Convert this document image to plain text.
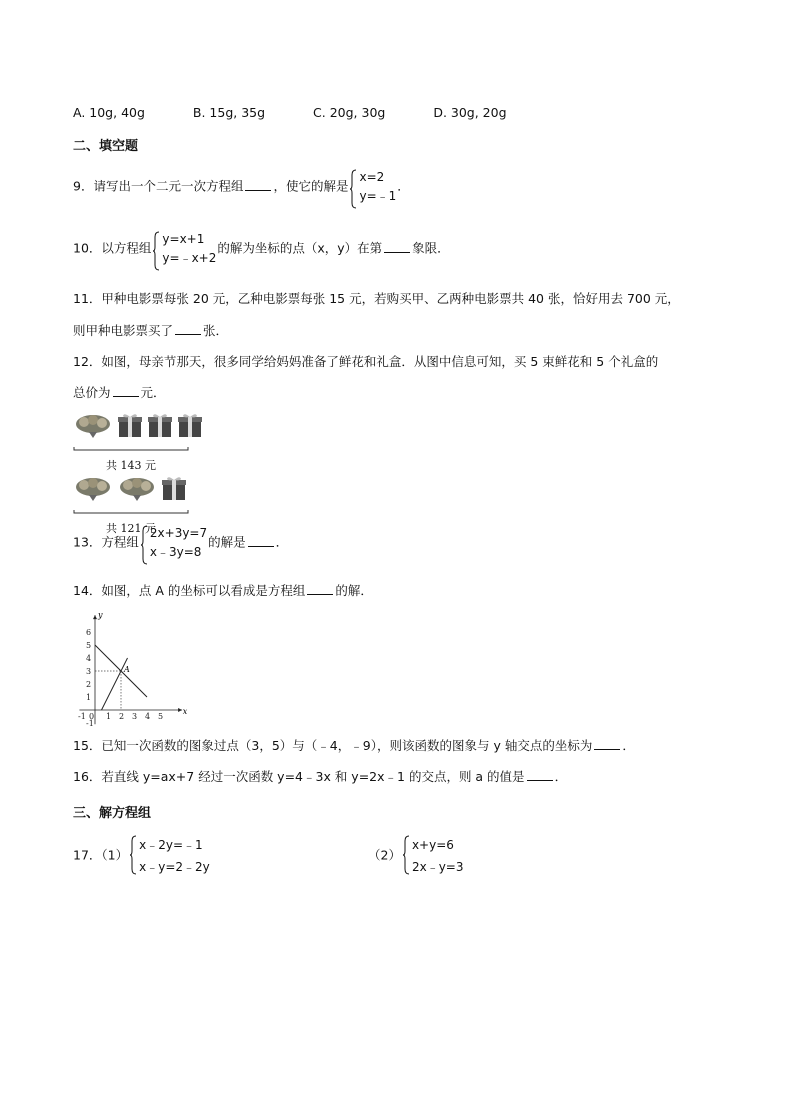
A. 10g, 40g	B. 15g, 35g	C. 20g, 30g	D. 30g, 20g
二、填空题
9．请写出一个二元一次方程组 ，使它的解是
x=2
y=﹣1
．
10．以方程组
y=x+1
y=﹣x+2
的解为坐标的点（x，y）在第 象限．
11．甲种电影票每张 20 元，乙种电影票每张 15 元，若购买甲、乙两种电影票共 40 张，恰好用去 700 元，
则甲种电影票买了 张．
12．如图，母亲节那天，很多同学给妈妈准备了鲜花和礼盒．从图中信息可知，买 5 束鲜花和 5 个礼盒的
总价为 元．
共 143 元
共 121 元
13．方程组
2x+3y=7
x﹣3y=8
的解是 ．
14．如图，点 A 的坐标可以看成是方程组 的解．
6
5
4
3
2
1
-1
-1 0 1 2 3 4 5
y
x
A
15．已知一次函数的图象过点（3，5）与（﹣4，﹣9），则该函数的图象与 y 轴交点的坐标为 ．
16．若直线 y=ax+7 经过一次函数 y=4﹣3x 和 y=2x﹣1 的交点，则 a 的值是 ．
三、解方程组
17．（1）
x﹣2y=﹣1
x﹣y=2﹣2y
（2）
x+y=6
2x﹣y=3
